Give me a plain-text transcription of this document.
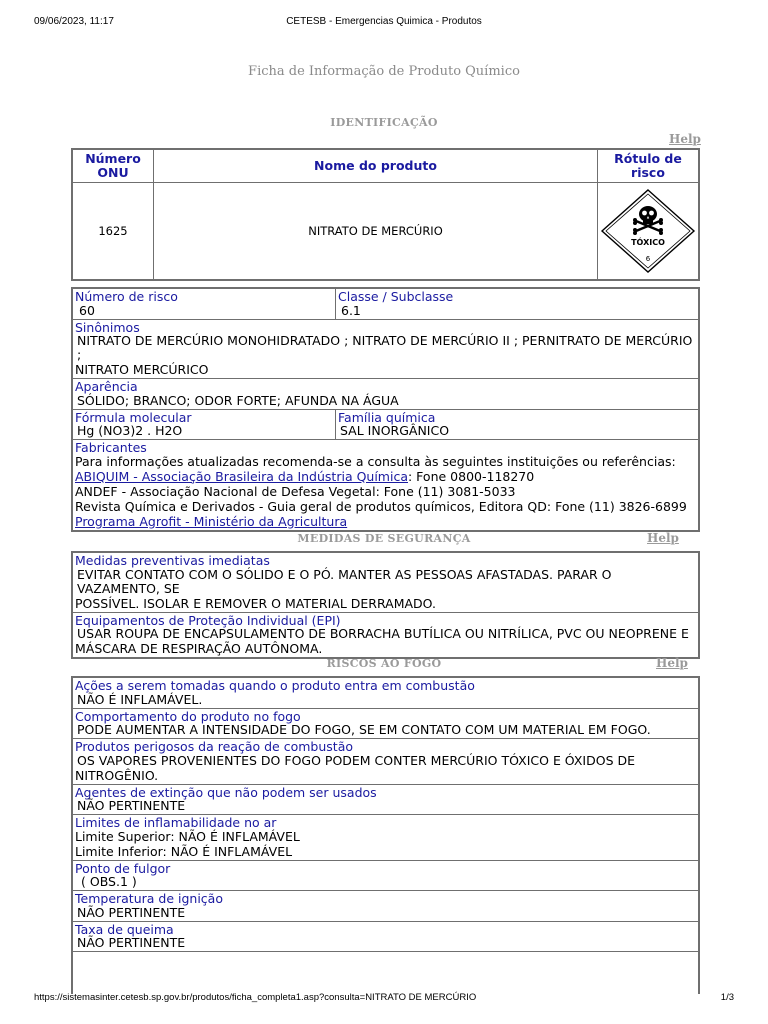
09/06/2023, 11:17	CETESB - Emergencias Quimica - Produtos
Ficha de Informação de Produto Químico
IDENTIFICAÇÃO
Help
Número ONU	Nome do produto	Rótulo de risco
1625	NITRATO DE MERCÚRIO	TÓXICO
6
Número de risco
60
Classe / Subclasse
6.1
Sinônimos
NITRATO DE MERCÚRIO MONOHIDRATADO ; NITRATO DE MERCÚRIO II ; PERNITRATO DE MERCÚRIO ;
NITRATO MERCÚRICO
Aparência
SÓLIDO; BRANCO; ODOR FORTE; AFUNDA NA ÁGUA
Fórmula molecular
Hg (NO3)2 . H2O
Família química
SAL INORGÂNICO
Fabricantes
Para informações atualizadas recomenda-se a consulta às seguintes instituições ou referências:
ABIQUIM - Associação Brasileira da Indústria Química: Fone 0800-118270
ANDEF - Associação Nacional de Defesa Vegetal: Fone (11) 3081-5033
Revista Química e Derivados - Guia geral de produtos químicos, Editora QD: Fone (11) 3826-6899
Programa Agrofit - Ministério da Agricultura
MEDIDAS DE SEGURANÇA	Help
Medidas preventivas imediatas
EVITAR CONTATO COM O SÓLIDO E O PÓ. MANTER AS PESSOAS AFASTADAS. PARAR O VAZAMENTO, SE
POSSÍVEL. ISOLAR E REMOVER O MATERIAL DERRAMADO.
Equipamentos de Proteção Individual (EPI)
USAR ROUPA DE ENCAPSULAMENTO DE BORRACHA BUTÍLICA OU NITRÍLICA, PVC OU NEOPRENE E
MÁSCARA DE RESPIRAÇÃO AUTÔNOMA.
RISCOS AO FOGO	Help
Ações a serem tomadas quando o produto entra em combustão
NÃO É INFLAMÁVEL.
Comportamento do produto no fogo
PODE AUMENTAR A INTENSIDADE DO FOGO, SE EM CONTATO COM UM MATERIAL EM FOGO.
Produtos perigosos da reação de combustão
OS VAPORES PROVENIENTES DO FOGO PODEM CONTER MERCÚRIO TÓXICO E ÓXIDOS DE
NITROGÊNIO.
Agentes de extinção que não podem ser usados
NÃO PERTINENTE
Limites de inflamabilidade no ar
Limite Superior: NÃO É INFLAMÁVEL
Limite Inferior: NÃO É INFLAMÁVEL
Ponto de fulgor
( OBS.1 )
Temperatura de ignição
NÃO PERTINENTE
Taxa de queima
NÃO PERTINENTE
https://sistemasinter.cetesb.sp.gov.br/produtos/ficha_completa1.asp?consulta=NITRATO DE MERCÚRIO	1/3
